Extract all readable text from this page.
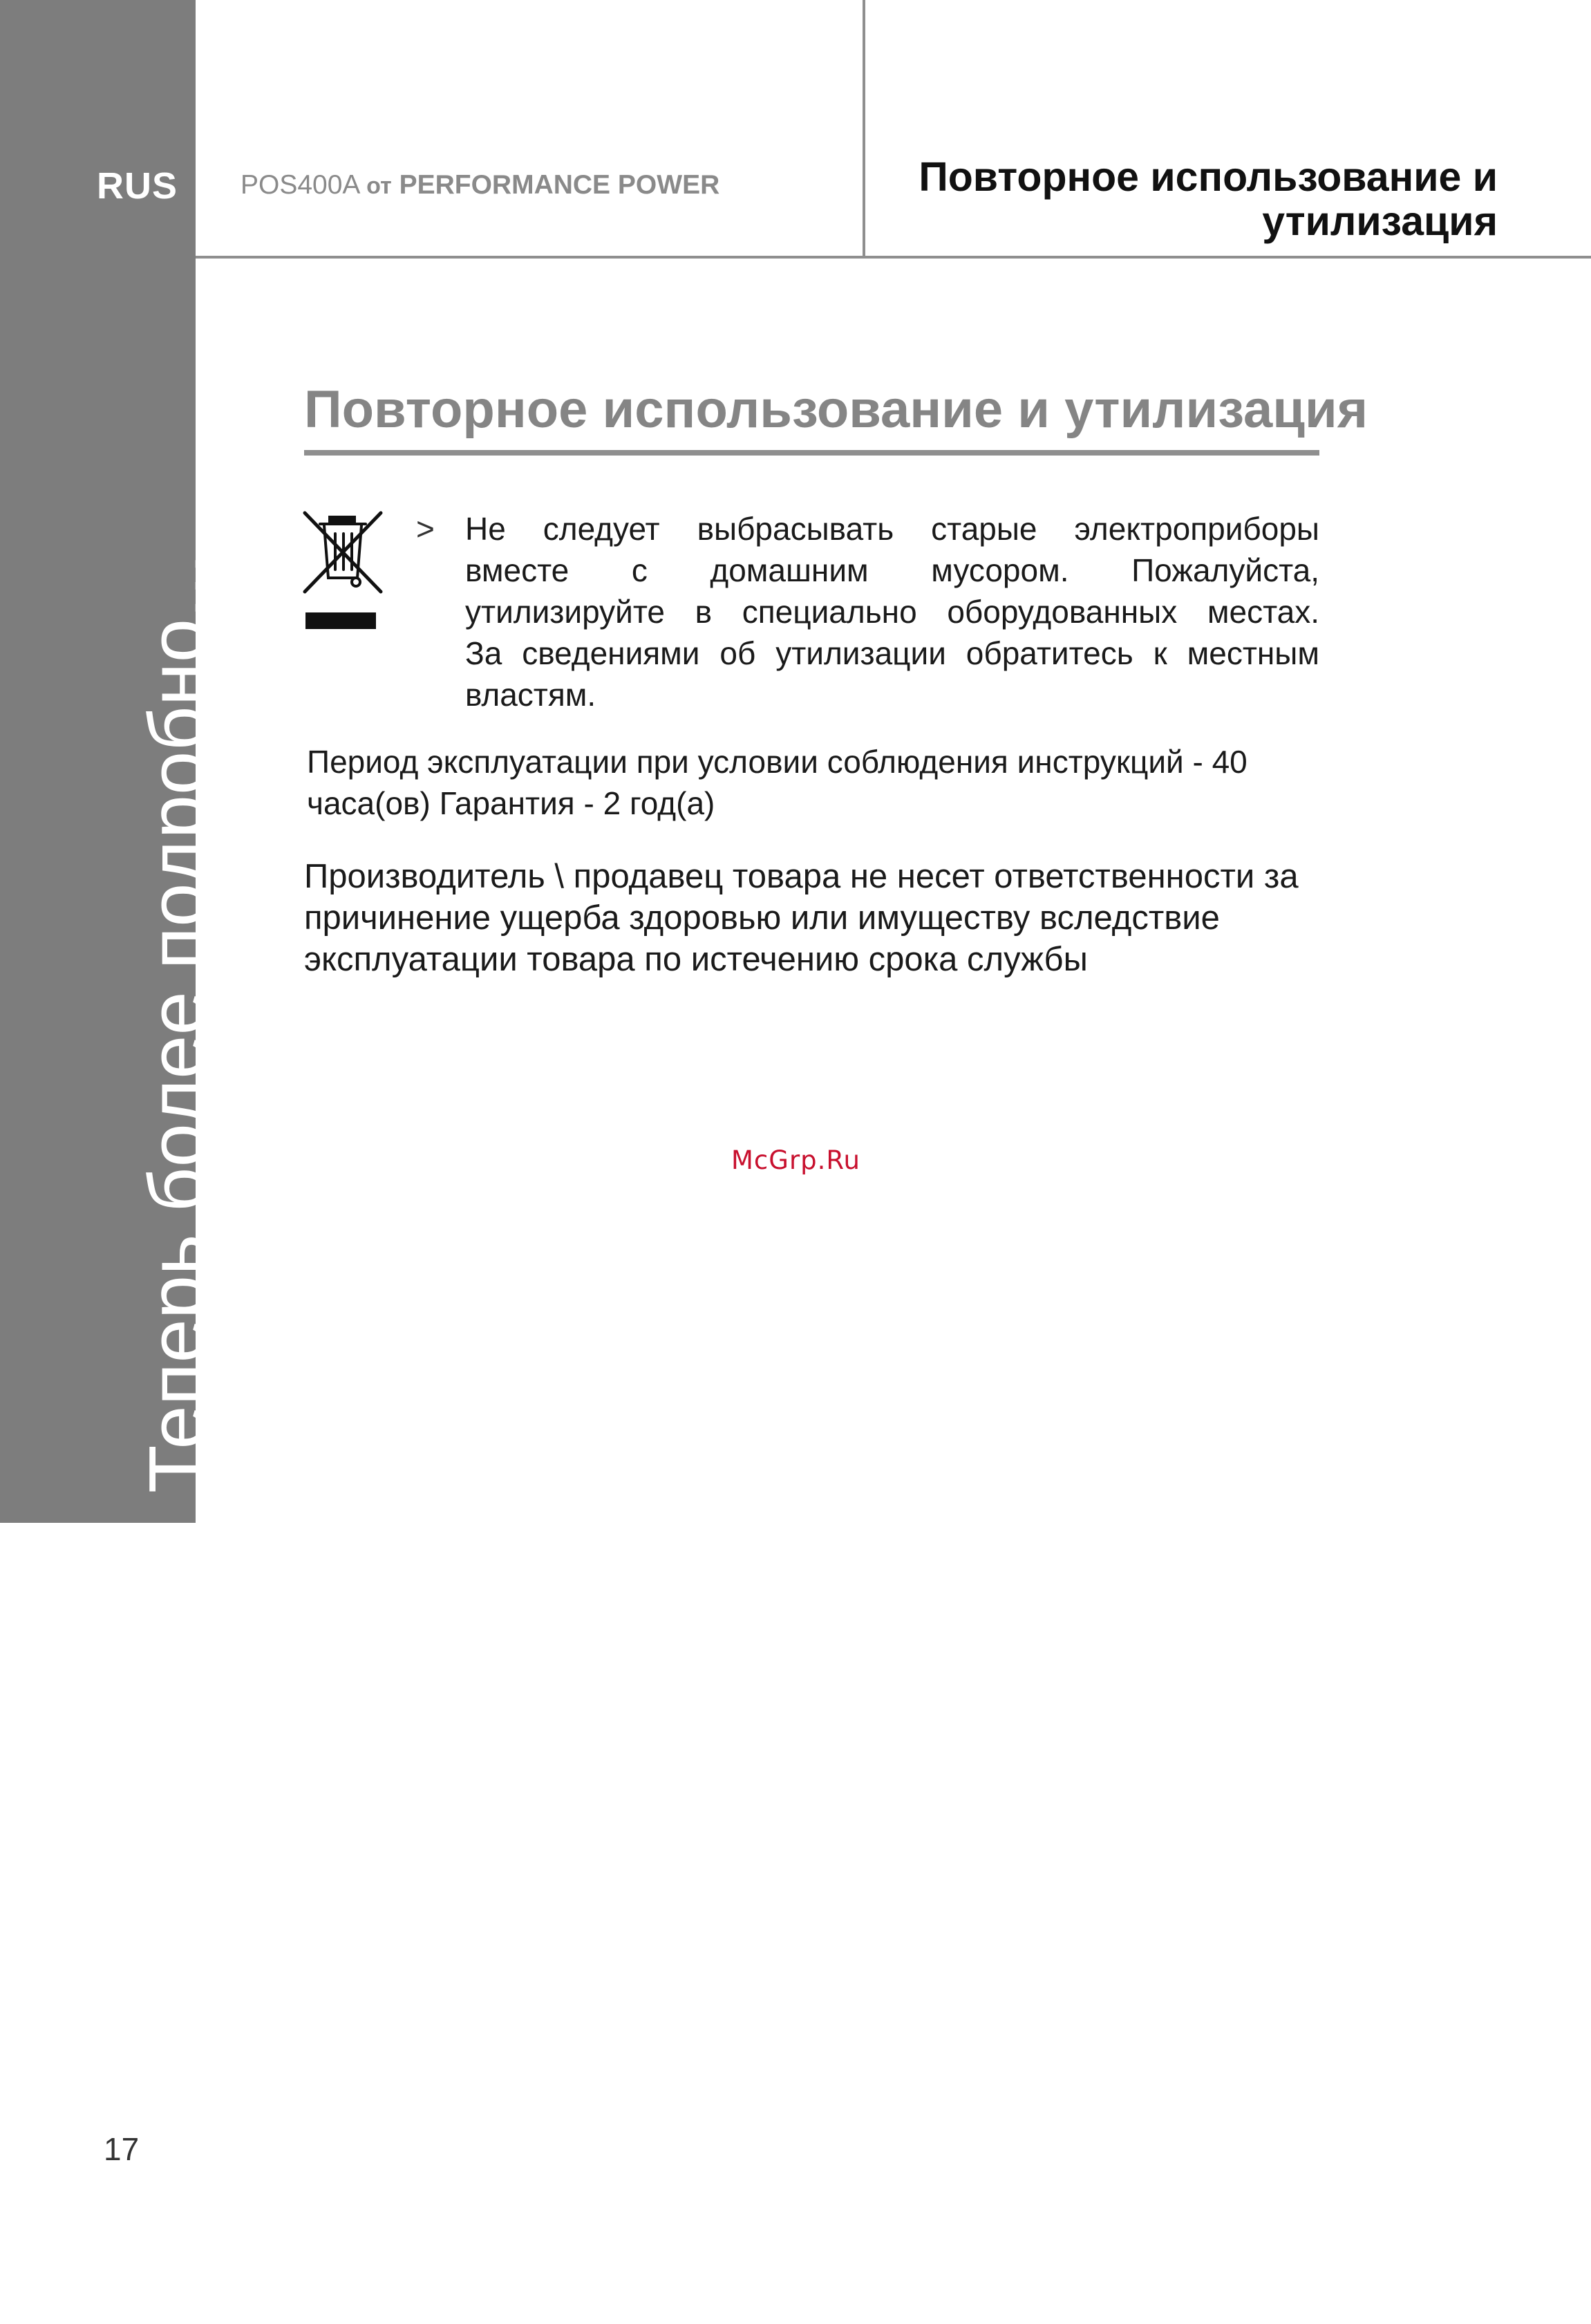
RUS
Теперь более подробно...
POS400A от PERFORMANCE POWER	Повторное использование и
утилизация
Повторное использование и утилизация
> Не следует выбрасывать старые электроприборы
вместе с домашним мусором. Пожалуйста,
утилизируйте в специально оборудованных местах.
За сведениями об утилизации обратитесь к местным
властям.
Период эксплуатации при условии соблюдения инструкций - 40 часа(ов) Гарантия - 2 год(а)
Производитель \ продавец товара не несет ответственности за причинение ущерба здоровью или имуществу вследствие эксплуатации товара по истечению срока службы
McGrp.Ru
17
